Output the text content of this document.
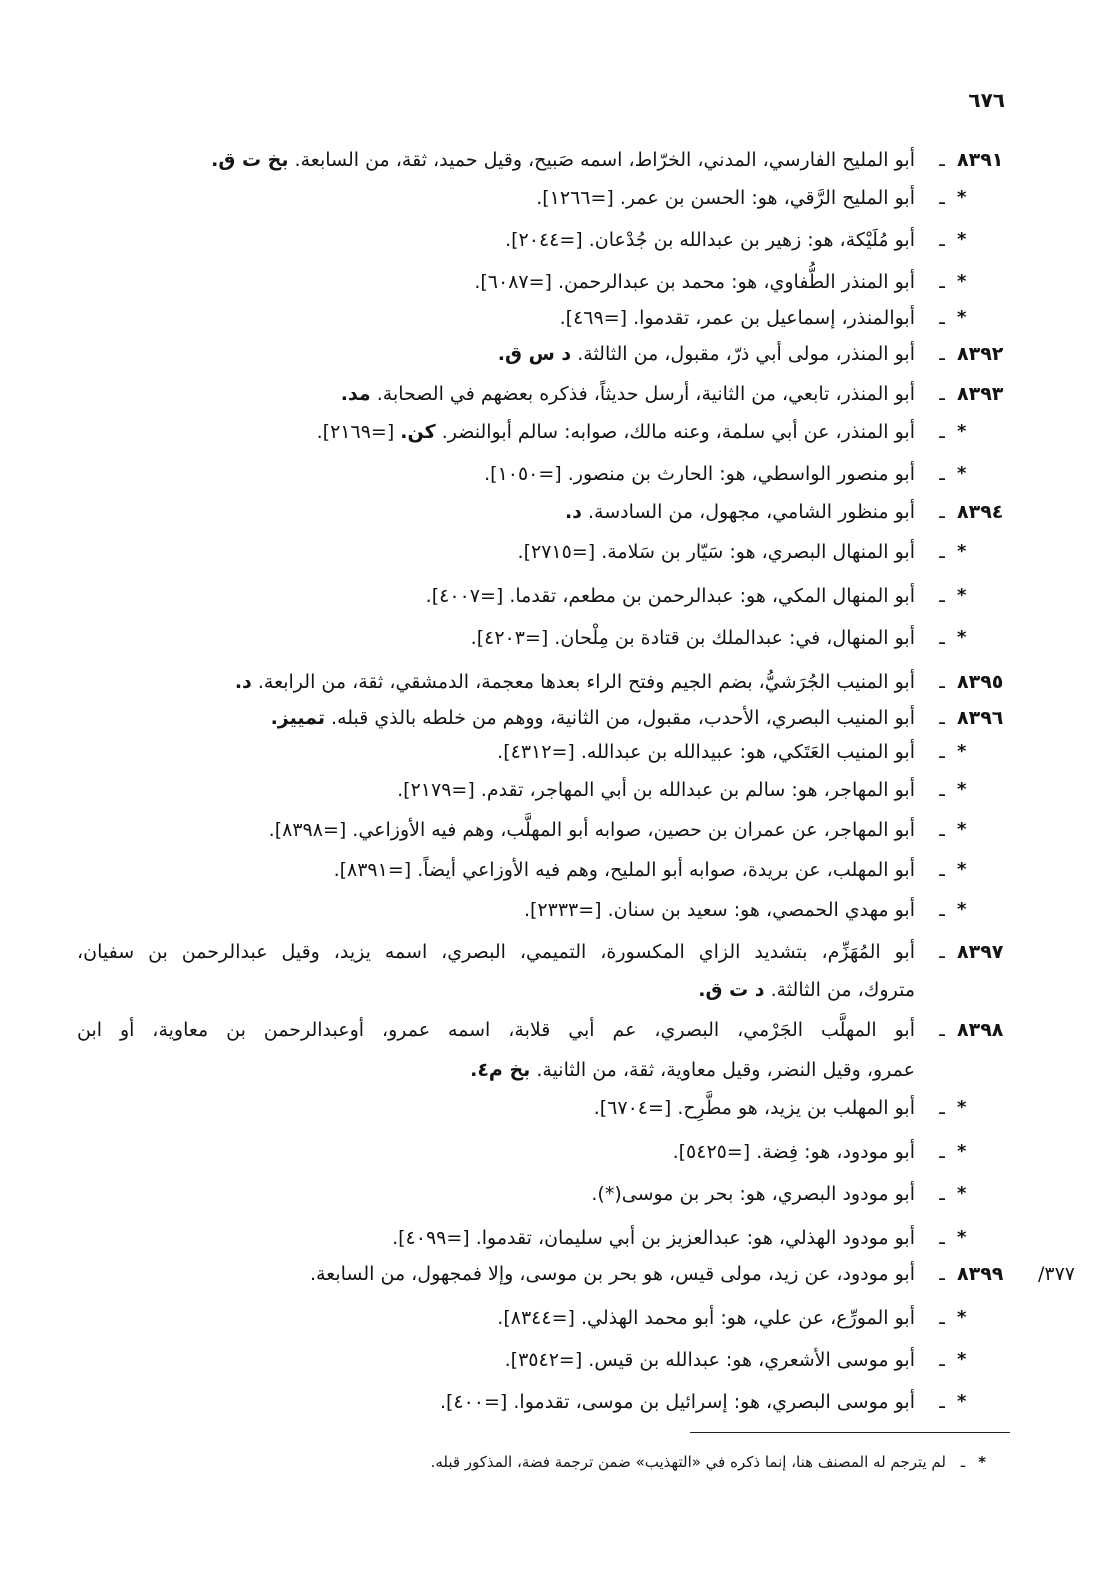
٦٧٦
٨٣٩١
ـ
أبو المليح الفارسي، المدني، الخرّاط، اسمه صَبيح، وقيل حميد، ثقة، من السابعة. بخ ت ق.
*
ـ
أبو المليح الرَّقي، هو: الحسن بن عمر. [=١٢٦٦].
*
ـ
أبو مُلَيْكة، هو: زهير بن عبدالله بن جُدْعان. [=٢٠٤٤].
*
ـ
أبو المنذر الطُّفاوي، هو: محمد بن عبدالرحمن. [=٦٠٨٧].
*
ـ
أبوالمنذر، إسماعيل بن عمر، تقدموا. [=٤٦٩].
٨٣٩٢
ـ
أبو المنذر، مولى أبي ذرّ، مقبول، من الثالثة. د س ق.
٨٣٩٣
ـ
أبو المنذر، تابعي، من الثانية، أرسل حديثاً، فذكره بعضهم في الصحابة. مد.
*
ـ
أبو المنذر، عن أبي سلمة، وعنه مالك، صوابه: سالم أبوالنضر. كن. [=٢١٦٩].
*
ـ
أبو منصور الواسطي، هو: الحارث بن منصور. [=١٠٥٠].
٨٣٩٤
ـ
أبو منظور الشامي، مجهول، من السادسة. د.
*
ـ
أبو المنهال البصري، هو: سَيّار بن سَلامة. [=٢٧١٥].
*
ـ
أبو المنهال المكي، هو: عبدالرحمن بن مطعم، تقدما. [=٤٠٠٧].
*
ـ
أبو المنهال، في: عبدالملك بن قتادة بن مِلْحان. [=٤٢٠٣].
٨٣٩٥
ـ
أبو المنيب الجُرَشيُّ، بضم الجيم وفتح الراء بعدها معجمة، الدمشقي، ثقة، من الرابعة. د.
٨٣٩٦
ـ
أبو المنيب البصري، الأحدب، مقبول، من الثانية، ووهم من خلطه بالذي قبله. تمييز.
*
ـ
أبو المنيب العَتَكي، هو: عبيدالله بن عبدالله. [=٤٣١٢].
*
ـ
أبو المهاجر، هو: سالم بن عبدالله بن أبي المهاجر، تقدم. [=٢١٧٩].
*
ـ
أبو المهاجر، عن عمران بن حصين، صوابه أبو المهلَّب، وهم فيه الأوزاعي. [=٨٣٩٨].
*
ـ
أبو المهلب، عن بريدة، صوابه أبو المليح، وهم فيه الأوزاعي أيضاً. [=٨٣٩١].
*
ـ
أبو مهدي الحمصي، هو: سعيد بن سنان. [=٢٣٣٣].
٨٣٩٧
ـ
أبو المُهَزِّم، بتشديد الزاي المكسورة، التميمي، البصري، اسمه يزيد، وقيل عبدالرحمن بن سفيان،
متروك، من الثالثة. د ت ق.
٨٣٩٨
ـ
أبو المهلَّب الجَرْمي، البصري، عم أبي قلابة، اسمه عمرو، أوعبدالرحمن بن معاوية، أو ابن
عمرو، وقيل النضر، وقيل معاوية، ثقة، من الثانية. بخ م٤.
*
ـ
أبو المهلب بن يزيد، هو مطَّرِح. [=٦٧٠٤].
*
ـ
أبو مودود، هو: فِضة. [=٥٤٢٥].
*
ـ
أبو مودود البصري، هو: بحر بن موسى(*).
*
ـ
أبو مودود الهذلي، هو: عبدالعزيز بن أبي سليمان، تقدموا. [=٤٠٩٩].
٨٣٩٩
ـ
أبو مودود، عن زيد، مولى قيس، هو بحر بن موسى، وإلا فمجهول، من السابعة.
*
ـ
أبو المورِّع، عن علي، هو: أبو محمد الهذلي. [=٨٣٤٤].
*
ـ
أبو موسى الأشعري، هو: عبدالله بن قيس. [=٣٥٤٢].
*
ـ
أبو موسى البصري، هو: إسرائيل بن موسى، تقدموا. [=٤٠٠].
/٣٧٧
*
ـ
لم يترجم له المصنف هنا، إنما ذكره في «التهذيب» ضمن ترجمة فضة، المذكور قبله.
